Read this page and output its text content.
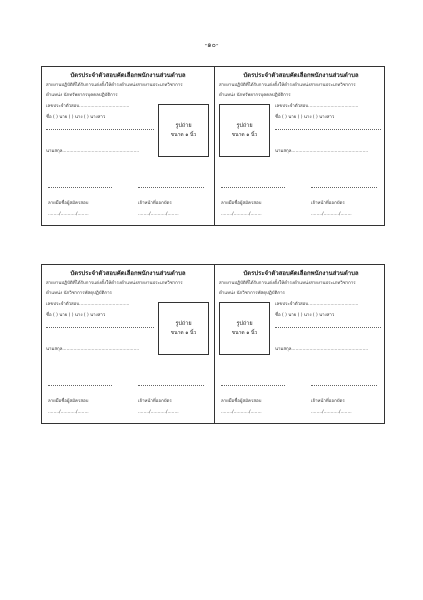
-๑๐-
บัตรประจำตัวสอบคัดเลือกพนักงานส่วนตำบล
สายงานปฏิบัติที่ได้รับการแต่งตั้งให้ดำรงตำแหน่งสายงานประเภทวิชาการ
ตำแหน่ง นักทรัพยากรบุคคลปฏิบัติการ
เลขประจำตัวสอบ....................................
ชื่อ ( ) นาย ( ) นาง ( ) นางสาว
นามสกุล.......................................................
รูปถ่าย
ขนาด ๑ นิ้ว
ลายมือชื่อผู้สมัครสอบ	เจ้าหน้าที่ออกบัตร
......../.........../........	......../.........../........
บัตรประจำตัวสอบคัดเลือกพนักงานส่วนตำบล
สายงานปฏิบัติที่ได้รับการแต่งตั้งให้ดำรงตำแหน่งสายงานประเภทวิชาการ
ตำแหน่ง นักทรัพยากรบุคคลปฏิบัติการ
เลขประจำตัวสอบ....................................
ชื่อ ( ) นาย ( ) นาง ( ) นางสาว
นามสกุล.......................................................
รูปถ่าย
ขนาด ๑ นิ้ว
ลายมือชื่อผู้สมัครสอบ	เจ้าหน้าที่ออกบัตร
......../.........../........	......../.........../........
บัตรประจำตัวสอบคัดเลือกพนักงานส่วนตำบล
สายงานปฏิบัติที่ได้รับการแต่งตั้งให้ดำรงตำแหน่งสายงานประเภทวิชาการ
ตำแหน่ง นักวิชาการพัสดุปฏิบัติการ
เลขประจำตัวสอบ....................................
ชื่อ ( ) นาย ( ) นาง ( ) นางสาว
นามสกุล.......................................................
รูปถ่าย
ขนาด ๑ นิ้ว
ลายมือชื่อผู้สมัครสอบ	เจ้าหน้าที่ออกบัตร
......../.........../........	......../.........../........
บัตรประจำตัวสอบคัดเลือกพนักงานส่วนตำบล
สายงานปฏิบัติที่ได้รับการแต่งตั้งให้ดำรงตำแหน่งสายงานประเภทวิชาการ
ตำแหน่ง นักวิชาการพัสดุปฏิบัติการ
เลขประจำตัวสอบ....................................
ชื่อ ( ) นาย ( ) นาง ( ) นางสาว
นามสกุล.......................................................
รูปถ่าย
ขนาด ๑ นิ้ว
ลายมือชื่อผู้สมัครสอบ	เจ้าหน้าที่ออกบัตร
......../.........../........	......../.........../........
